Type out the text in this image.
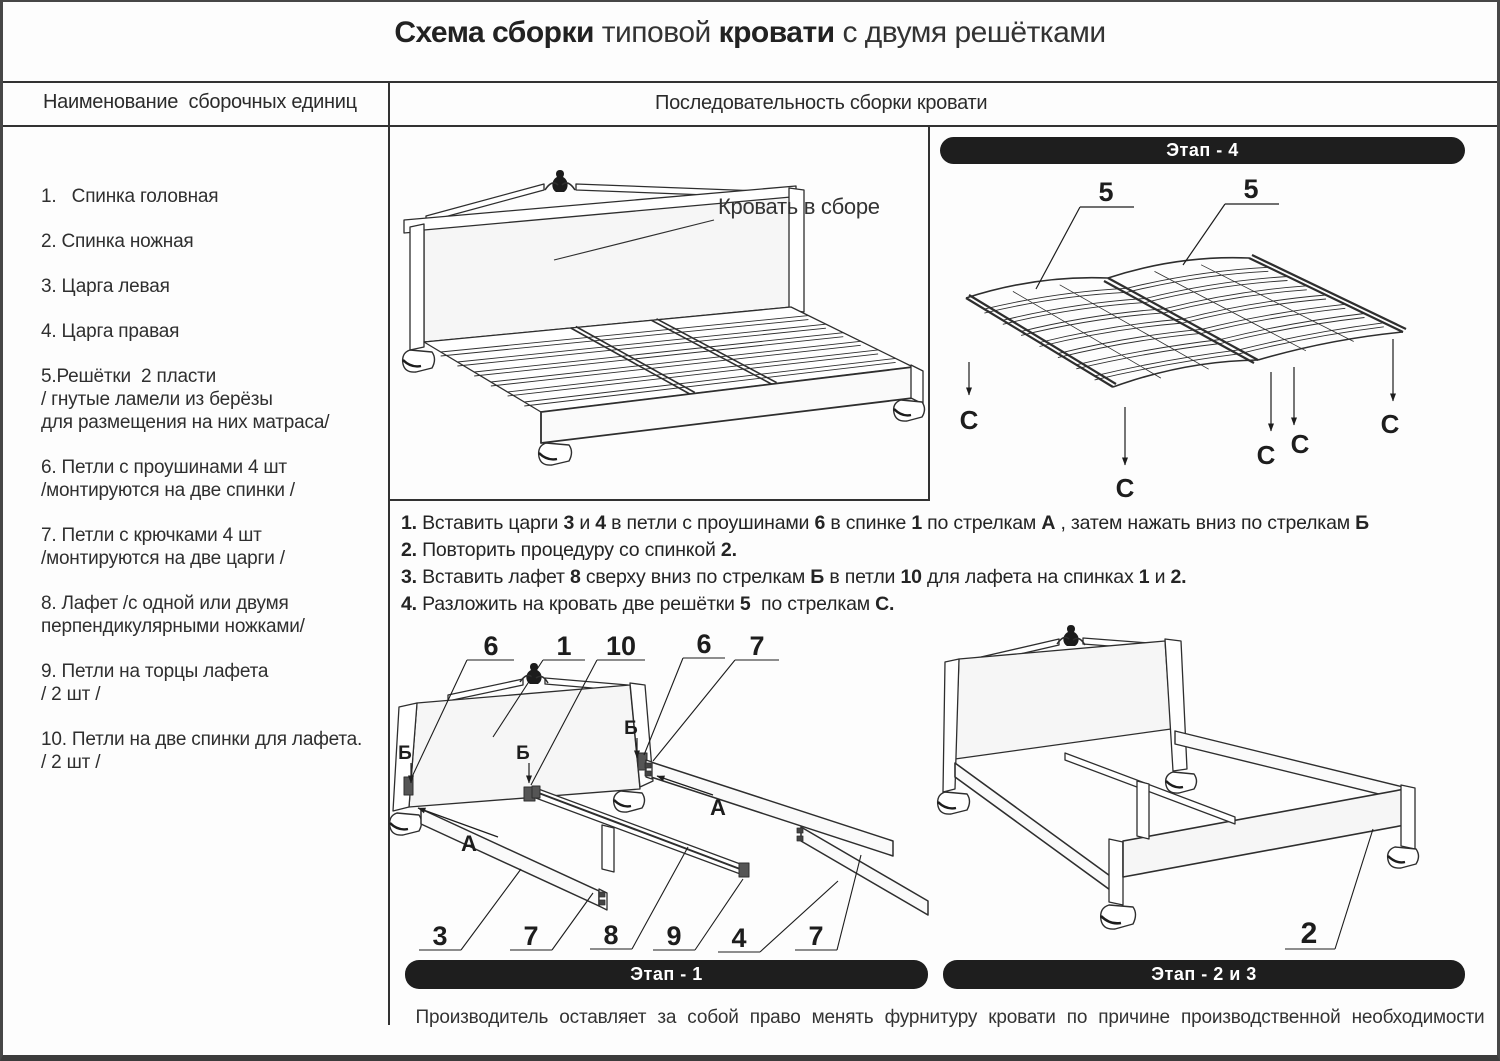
Схема сборки типовой кровати с двумя решётками
Наименование  сборочных единиц	Последовательность сборки кровати
1.   Спинка головная
2. Спинка ножная
3. Царга левая
4. Царга правая
5.Решётки  2 пласти
/ гнутые ламели из берёзы
для размещения на них матраса/
6. Петли с проушинами 4 шт
/монтируются на две спинки /
7. Петли с крючками 4 шт
/монтируются на две царги /
8. Лафет /с одной или двумя
перпендикулярными ножками/
9. Петли на торцы лафета
/ 2 шт /
10. Петли на две спинки для лафета.
/ 2 шт /
Кровать в сборе	5	5
C
C
C C
C
1. Вставить царги 3 и 4 в петли с проушинами 6 в спинке 1 по стрелкам А , затем нажать вниз по стрелкам Б
2. Повторить процедуру со спинкой 2.
3. Вставить лафет 8 сверху вниз по стрелкам Б в петли 10 для лафета на спинках 1 и 2.
4. Разложить на кровать две решётки 5  по стрелкам С.
6 1 10 6 7
Б	Б
Б
А
А
3	7 8 9 4 7	2
Этап - 4
Этап - 1	Этап - 2 и 3
Производитель оставляет за собой право менять фурнитуру кровати по причине производственной необходимости
